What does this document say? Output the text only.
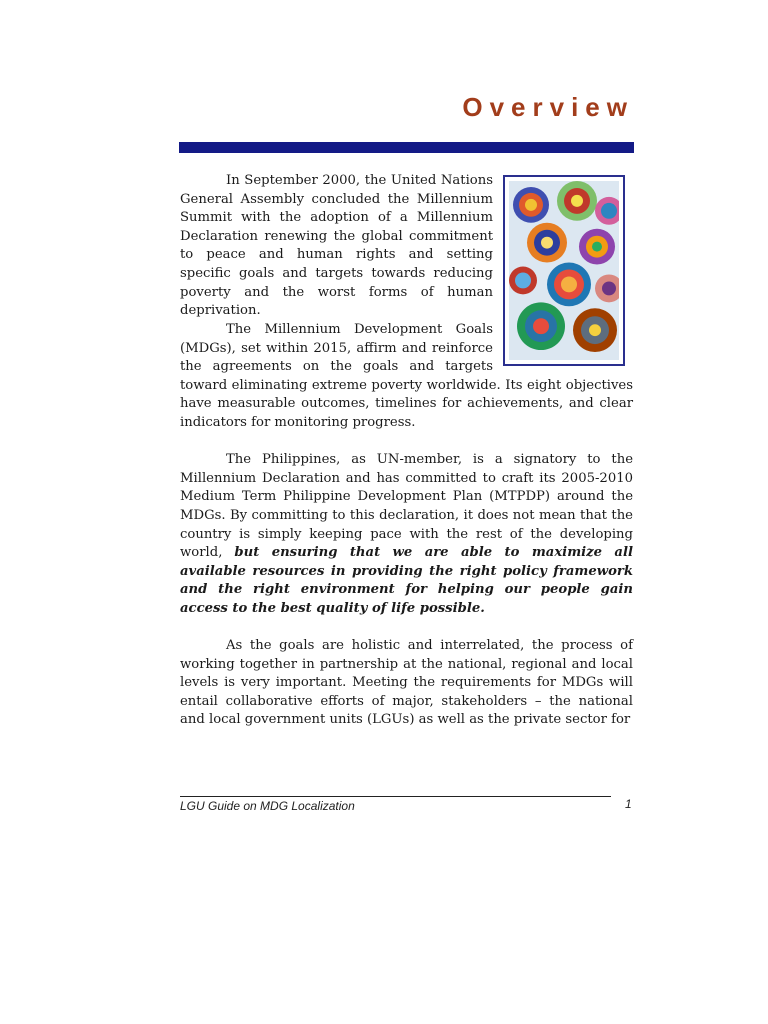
Overview

In September 2000, the United Nations General Assembly concluded the Millennium Summit with the adoption of a Millennium Declaration renewing the global commitment to peace and human rights and setting specific goals and targets towards reducing poverty and the worst forms of human deprivation.

The Millennium Development Goals (MDGs), set within 2015, affirm and reinforce the agreements on the goals and targets toward eliminating extreme poverty worldwide. Its eight objectives have measurable outcomes, timelines for achievements, and clear indicators for monitoring progress.

The Philippines, as UN-member, is a signatory to the Millennium Declaration and has committed to craft its 2005-2010 Medium Term Philippine Development Plan (MTPDP) around the MDGs. By committing to this declaration, it does not mean that the country is simply keeping pace with the rest of the developing world, but ensuring that we are able to maximize all available resources in providing the right policy framework and the right environment for helping our people gain access to the best quality of life possible.

As the goals are holistic and interrelated, the process of working together in partnership at the national, regional and local levels is very important. Meeting the requirements for MDGs will entail collaborative efforts of major, stakeholders – the national and local government units (LGUs) as well as the private sector for

LGU Guide on MDG Localization	1
